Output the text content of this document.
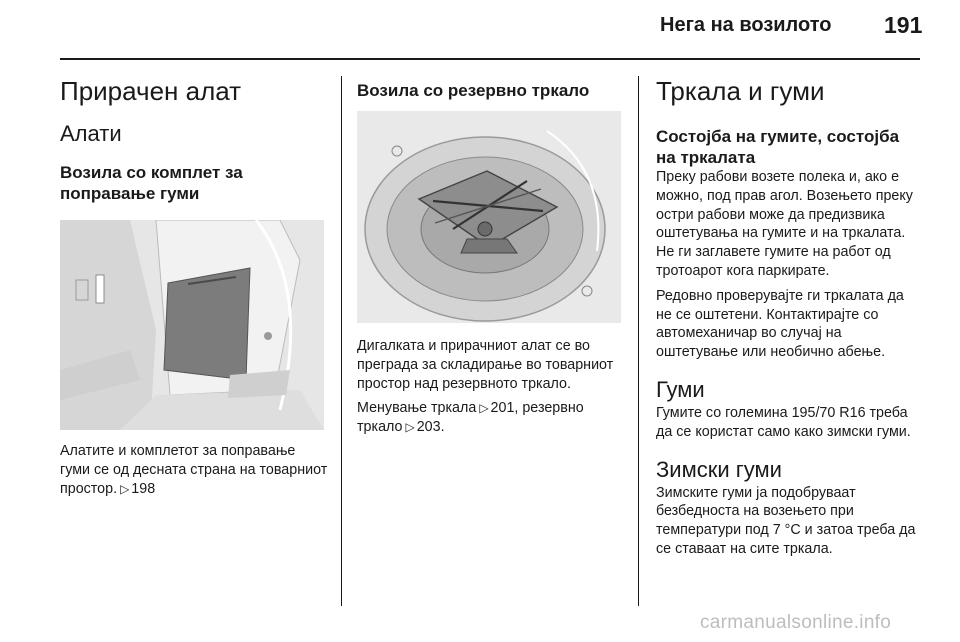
Нега на возилото 191
Прирачен алат
Алати
Возила со комплет за поправање гуми

Алатите и комплетот за поправање гуми се од десната страна на товарниот простор. ▷ 198

Возила со резервно тркало

Дигалката и прирачниот алат се во преграда за складирање во товарниот простор над резервното тркало.

Менување тркала ▷ 201, резервно тркало ▷ 203.

Тркала и гуми
Состојба на гумите, состојба на тркалата

Преку рабови возете полека и, ако е можно, под прав агол. Возењето преку остри рабови може да предизвика оштетувања на гумите и на тркалата. Не ги заглавете гумите на работ од тротоарот кога паркирате.

Редовно проверувајте ги тркалата да не се оштетени. Контактирајте со автомеханичар во случај на оштетување или необично абење.

Гуми

Гумите со големина 195/70 R16 треба да се користат само како зимски гуми.

Зимски гуми

Зимските гуми ја подобруваат безбедноста на возењето при температури под 7 °C и затоа треба да се ставаат на сите тркала.

carmanualsonline.info
